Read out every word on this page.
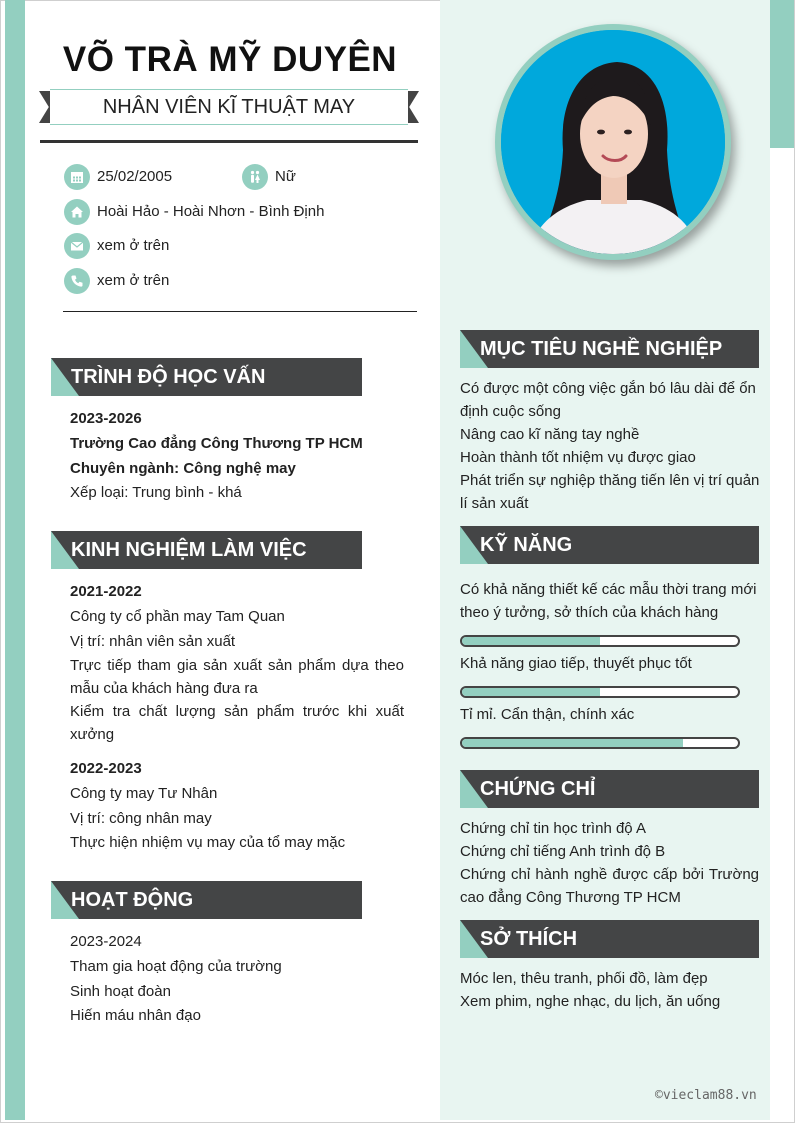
VÕ TRÀ MỸ DUYÊN
NHÂN VIÊN KĨ THUẬT MAY
25/02/2005	Nữ
Hoài Hảo - Hoài Nhơn - Bình Định
xem ở trên
xem ở trên
TRÌNH ĐỘ HỌC VẤN
2023-2026
Trường Cao đẳng Công Thương TP HCM
Chuyên ngành: Công nghệ may
Xếp loại: Trung bình - khá
KINH NGHIỆM LÀM VIỆC
2021-2022
Công ty cổ phần may Tam Quan
Vị trí: nhân viên sản xuất
Trực tiếp tham gia sản xuất sản phẩm dựa theo mẫu của khách hàng đưa ra
Kiểm tra chất lượng sản phẩm trước khi xuất xưởng
2022-2023
Công ty may Tư Nhân
Vị trí: công nhân may
Thực hiện nhiệm vụ may của tổ may mặc
HOẠT ĐỘNG
2023-2024
Tham gia hoạt động của trường
Sinh hoạt đoàn
Hiến máu nhân đạo
MỤC TIÊU NGHỀ NGHIỆP
Có được một công việc gắn bó lâu dài để ổn định cuộc sống
Nâng cao kĩ năng tay nghề
Hoàn thành tốt nhiệm vụ được giao
Phát triển sự nghiệp thăng tiến lên vị trí quản lí sản xuất
KỸ NĂNG
Có khả năng thiết kế các mẫu thời trang mới theo ý tưởng, sở thích của khách hàng
Khả năng giao tiếp, thuyết phục tốt
Tỉ mỉ. Cẩn thận, chính xác
CHỨNG CHỈ
Chứng chỉ tin học trình độ A
Chứng chỉ tiếng Anh trình độ B
Chứng chỉ hành nghề được cấp bởi Trường cao đẳng Công Thương TP HCM
SỞ THÍCH
Móc len, thêu tranh, phối đồ, làm đẹp
Xem phim, nghe nhạc, du lịch, ăn uống
©vieclam88.vn
